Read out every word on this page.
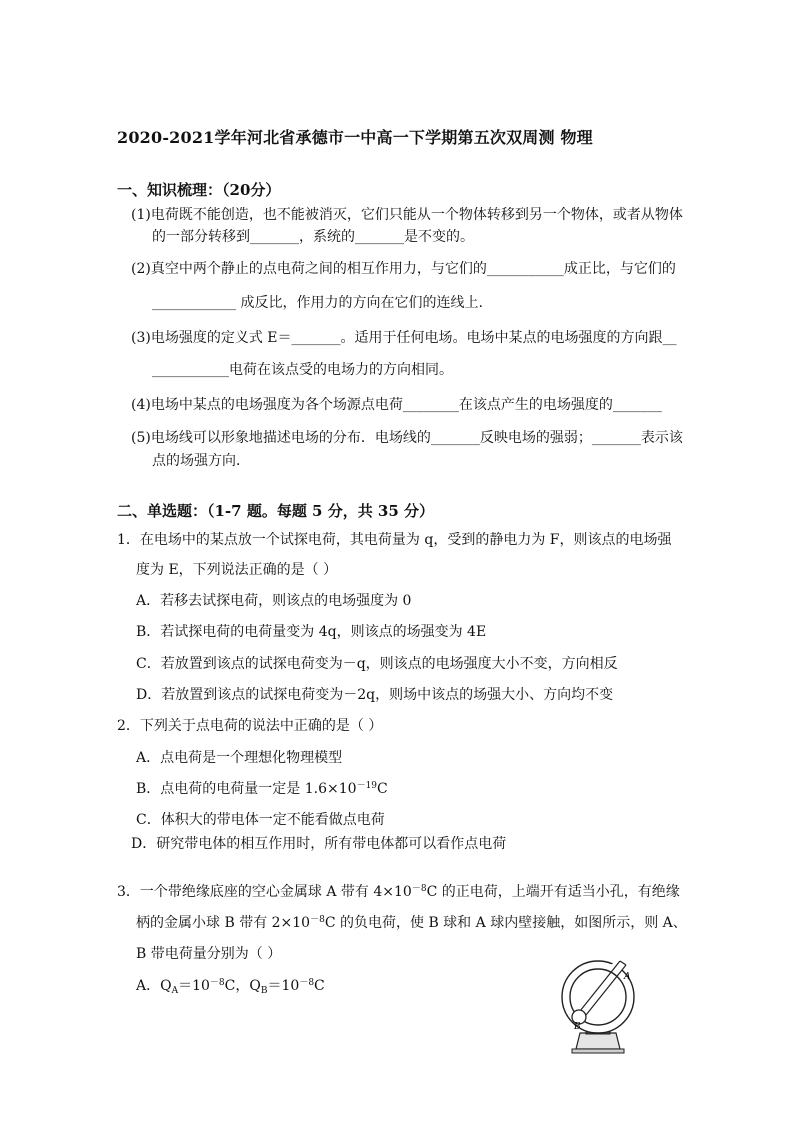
2020-2021学年河北省承德市一中高一下学期第五次双周测 物理
一、知识梳理：（20分）
(1)电荷既不能创造，也不能被消灭，它们只能从一个物体转移到另一个物体，或者从物体
的一部分转移到_______，系统的_______是不变的。
(2)真空中两个静止的点电荷之间的相互作用力，与它们的___________成正比，与它们的
____________ 成反比，作用力的方向在它们的连线上.
(3)电场强度的定义式 E＝_______。适用于任何电场。电场中某点的电场强度的方向跟__
___________电荷在该点受的电场力的方向相同。
(4)电场中某点的电场强度为各个场源点电荷________在该点产生的电场强度的_______
(5)电场线可以形象地描述电场的分布．电场线的_______反映电场的强弱；_______表示该
点的场强方向．
二、单选题：（1-7 题。每题 5 分，共 35 分）
1．在电场中的某点放一个试探电荷，其电荷量为 q，受到的静电力为 F，则该点的电场强
度为 E，下列说法正确的是（ ）
A．若移去试探电荷，则该点的电场强度为 0
B．若试探电荷的电荷量变为 4q，则该点的场强变为 4E
C．若放置到该点的试探电荷变为－q，则该点的电场强度大小不变，方向相反
D．若放置到该点的试探电荷变为－2q，则场中该点的场强大小、方向均不变
2．下列关于点电荷的说法中正确的是（ ）
A．点电荷是一个理想化物理模型
B．点电荷的电荷量一定是 $1.6\times 10^{-19}C$
C．体积大的带电体一定不能看做点电荷
D．研究带电体的相互作用时，所有带电体都可以看作点电荷
3．一个带绝缘底座的空心金属球 A 带有 $4\times 10^{-8}C$ 的正电荷，上端开有适当小孔，有绝缘
柄的金属小球 B 带有 $2\times 10^{-8}C$ 的负电荷，使 B 球和 A 球内壁接触，如图所示，则 A、
B 带电荷量分别为（ ）
A．$Q_A=10^{-8}C$，$Q_B=10^{-8}C$
A
B
